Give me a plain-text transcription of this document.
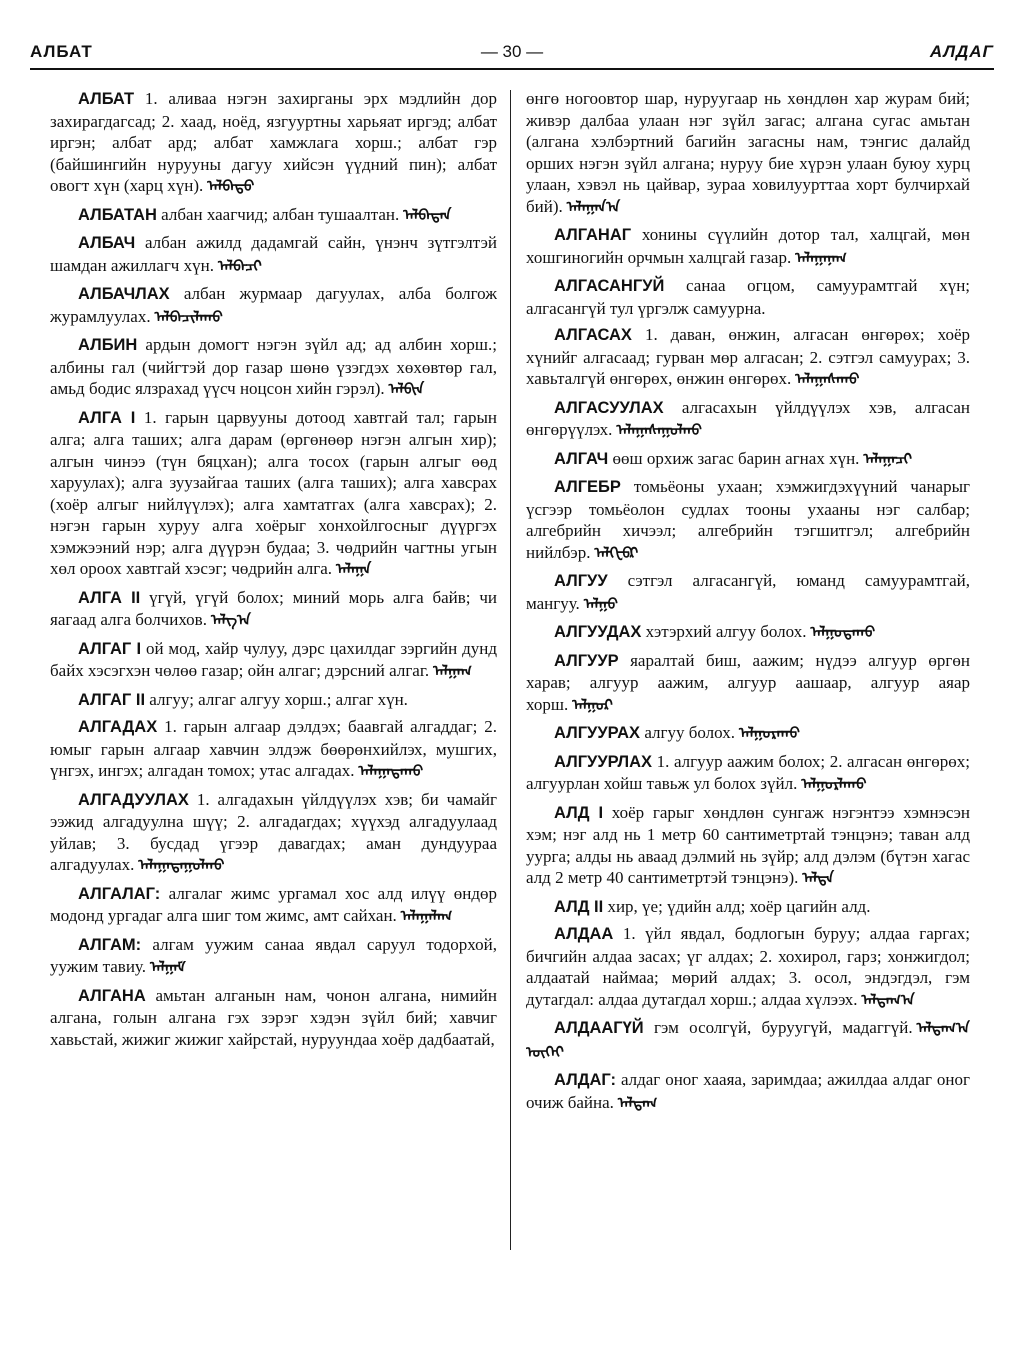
АЛБАТ	— 30 —	АЛДАГ

АЛБАТ 1. аливаа нэгэн захирганы эрх мэдлийн дор захирагдагсад; 2. хаад, ноёд, язгууртны харьяат иргэд; албат иргэн; албат ард; албат хамжлага хорш.; албат гэр (байшингийн нурууны дагуу хийсэн үүдний пин); албат овогт хүн (харц хүн). ᠠᠯᠪᠠᠲᠤ

АЛБАТАН албан хаагчид; албан тушаалтан. ᠠᠯᠪᠠᠲᠠᠨ

АЛБАЧ албан ажилд дадамгай сайн, үнэнч зүтгэлтэй шамдан ажиллагч хүн. ᠠᠯᠪᠠᠴᠢ

АЛБАЧЛАХ албан журмаар дагуулах, алба болгож журамлуулах. ᠠᠯᠪᠠᠴᠢᠯᠠᠬᠤ

АЛБИН ардын домогт нэгэн зүйл ад; ад албин хорш.; албины гал (чийгтэй дор газар шөнө үзэгдэх хөхөвтөр гал, амьд бодис ялзрахад үүсч ноцсон хийн гэрэл). ᠠᠯᠪᠢᠨ

АЛГА I 1. гарын царвууны дотоод хавтгай тал; гарын алга; алга таших; алга дарам (өргөнөөр нэгэн алгын хир); алгын чинээ (түн бяцхан); алга тосох (гарын алгыг өөд харуулах); алга зуузайгаа таших (алга таших); алга хавсрах (хоёр алгыг нийлүүлэх); алга хамтатгах (алга хавсрах); 2. нэгэн гарын хуруу алга хоёрыг хонхойлгосныг дүүргэх хэмжээний нэр; алга дүүрэн будаа; 3. чөдрийн чагтны угын хөл ороох хавтгай хэсэг; чөдрийн алга. ᠠᠯᠠᠭᠠ

АЛГА II үгүй, үгүй болох; миний морь алга байв; чи яагаад алга болчихов. ᠠᠯᠭ᠎ᠠ

АЛГАГ I ой мод, хайр чулуу, дэрс цахилдаг зэргийн дунд байх хэсэгхэн чөлөө газар; ойн алгаг; дэрсний алгаг. ᠠᠯᠭᠠᠭ

АЛГАГ II алгуу; алгаг алгуу хорш.; алгаг хүн.

АЛГАДАХ 1. гарын алгаар дэлдэх; баавгай алгаддаг; 2. юмыг гарын алгаар хавчин элдэж бөөрөнхийлэх, мушгих, үнгэх, ингэх; алгадан томох; утас алгадах. ᠠᠯᠠᠭᠠᠳᠠᠬᠤ

АЛГАДУУЛАХ 1. алгадахын үйлдүүлэх хэв; би чамайг ээжид алгадуулна шүү; 2. алгадагдах; хүүхэд алгадуулаад уйлав; 3. бусдад үгээр давагдах; аман дундуураа алгадуулах. ᠠᠯᠠᠭᠠᠳᠠᠭᠤᠯᠬᠤ

АЛГАЛАГ: алгалаг жимс ургамал хос алд илүү өндөр модонд ургадаг алга шиг том жимс, амт сайхан. ᠠᠯᠠᠭᠠᠯᠠᠭ

АЛГАМ: алгам уужим санаа явдал саруул тодорхой, уужим тавиу. ᠠᠯᠭᠠᠮ

АЛГАНА амьтан алганын нам, чонон алгана, нимийн алгана, голын алгана гэх зэрэг хэдэн зүйл бий; хавчиг хавьстай, жижиг жижиг хайрстай, нуруундаа хоёр дадбаатай,

өнгө ногоовтор шар, нуруугаар нь хөндлөн хар журам бий; живэр далбаа улаан нэг зүйл загас; алгана сугас амьтан (алгана хэлбэртний багийн загасны нам, тэнгис далайд орших нэгэн зүйл алгана; нуруу бие хүрэн улаан буюу хурц улаан, хэвэл нь цайвар, зураа ховилуурттаа хорт булчирхай бий). ᠠᠯᠠᠭᠠᠨ᠎ᠠ

АЛГАНАГ хонины сүүлийн дотор тал, халцгай, мөн хошгиногийн орчмын халцгай газар. ᠠᠯᠠᠭᠠᠨᠠᠭ

АЛГАСАНГУЙ санаа огцом, самуурамтгай хүн; алгасангүй тул үргэлж самуурна.

АЛГАСАХ 1. даван, өнжин, алгасан өнгөрөх; хоёр хүнийг алгасаад; гурван мөр алгасан; 2. сэтгэл самуурах; 3. хавьталгүй өнгөрөх, өнжин өнгөрөх. ᠠᠯᠠᠭᠠᠰᠠᠬᠤ

АЛГАСУУЛАХ алгасахын үйлдүүлэх хэв, алгасан өнгөрүүлэх. ᠠᠯᠠᠭᠠᠰᠠᠭᠤᠯᠬᠤ

АЛГАЧ өөш орхиж загас барин агнах хүн. ᠠᠯᠠᠭᠠᠴᠢ

АЛГЕБР томьёоны ухаан; хэмжигдэхүүний чанарыг үсгээр томьёолон судлах тооны ухааны нэг салбар; алгебрийн хичээл; алгебрийн тэгшитгэл; алгебрийн нийлбэр. ᠠᠯᠭᠧᠪᠷ

АЛГУУ сэтгэл алгасангүй, юманд самуурамтгай, мангуу. ᠠᠯᠭᠤ

АЛГУУДАХ хэтэрхий алгуу болох. ᠠᠯᠭᠤᠳᠠᠬᠤ

АЛГУУР яаралтай биш, аажим; нүдээ алгуур өргөн харав; алгуур аажим, алгуур аашаар, алгуур аяар хорш. ᠠᠯᠭᠤᠷ

АЛГУУРАХ алгуу болох. ᠠᠯᠭᠤᠷᠠᠬᠤ

АЛГУУРЛАХ 1. алгуур аажим болох; 2. алгасан өнгөрөх; алгуурлан хойш тавьж ул болох зүйл. ᠠᠯᠭᠤᠷᠯᠠᠬᠤ

АЛД I хоёр гарыг хөндлөн сунгаж нэгэнтээ хэмнэсэн хэм; нэг алд нь 1 метр 60 сантиметртай тэнцэнэ; таван алд уурга; алды нь аваад дэлмий нь зүйр; алд дэлэм (бүтэн хагас алд 2 метр 40 сантиметртэй тэнцэнэ). ᠠᠯᠳᠠ

АЛД II хир, үе; үдийн алд; хоёр цагийн алд.

АЛДАА 1. үйл явдал, бодлогын буруу; алдаа гаргах; бичгийн алдаа засах; үг алдах; 2. хохирол, гарз; хонжигдол; алдаатай наймаа; мөрий алдах; 3. осол, эндэгдэл, гэм дутагдал: алдаа дутагдал хорш.; алдаа хүлээх. ᠠᠯᠳᠠᠭ᠎ᠠ

АЛДААГҮЙ гэм осолгүй, буруугүй, мадаггүй. ᠠᠯᠳᠠᠭ᠎ᠠ ᠦᠭᠡᠢ

АЛДАГ: алдаг оног хааяа, заримдаа; ажилдаа алдаг оног очиж байна. ᠠᠯᠳᠠᠭ
